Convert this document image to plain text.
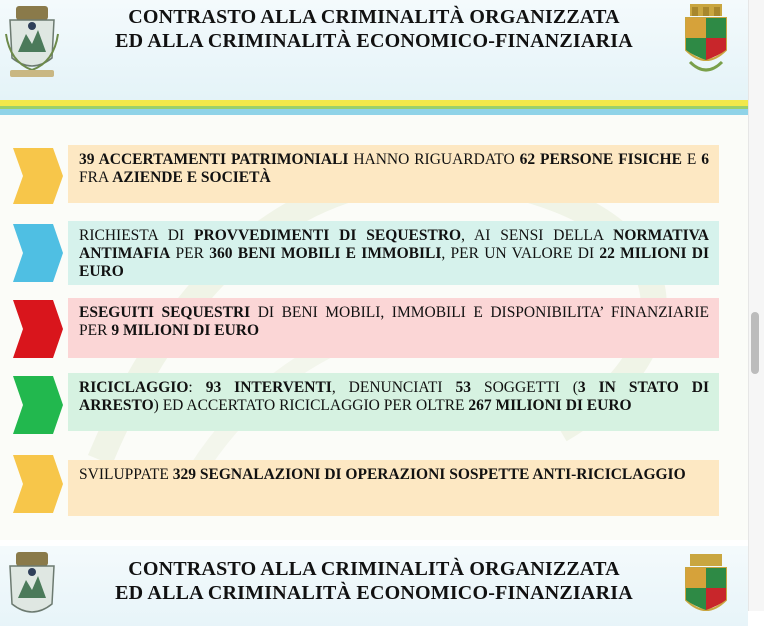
CONTRASTO ALLA CRIMINALITÀ ORGANIZZATA
ED ALLA CRIMINALITÀ ECONOMICO-FINANZIARIA
39 ACCERTAMENTI PATRIMONIALI HANNO RIGUARDATO 62 PERSONE FISICHE E 6 FRA AZIENDE E SOCIETÀ
RICHIESTA DI PROVVEDIMENTI DI SEQUESTRO, AI SENSI DELLA NORMATIVA ANTIMAFIA PER 360 BENI MOBILI E IMMOBILI, PER UN VALORE DI 22 MILIONI DI EURO
ESEGUITI SEQUESTRI DI BENI MOBILI, IMMOBILI E DISPONIBILITA’ FINANZIARIE PER 9 MILIONI DI EURO
RICICLAGGIO: 93 INTERVENTI, DENUNCIATI 53 SOGGETTI (3 IN STATO DI ARRESTO) ED ACCERTATO RICICLAGGIO PER OLTRE 267 MILIONI DI EURO
SVILUPPATE 329 SEGNALAZIONI DI OPERAZIONI SOSPETTE ANTI-RICICLAGGIO
CONTRASTO ALLA CRIMINALITÀ ORGANIZZATA
ED ALLA CRIMINALITÀ ECONOMICO-FINANZIARIA
